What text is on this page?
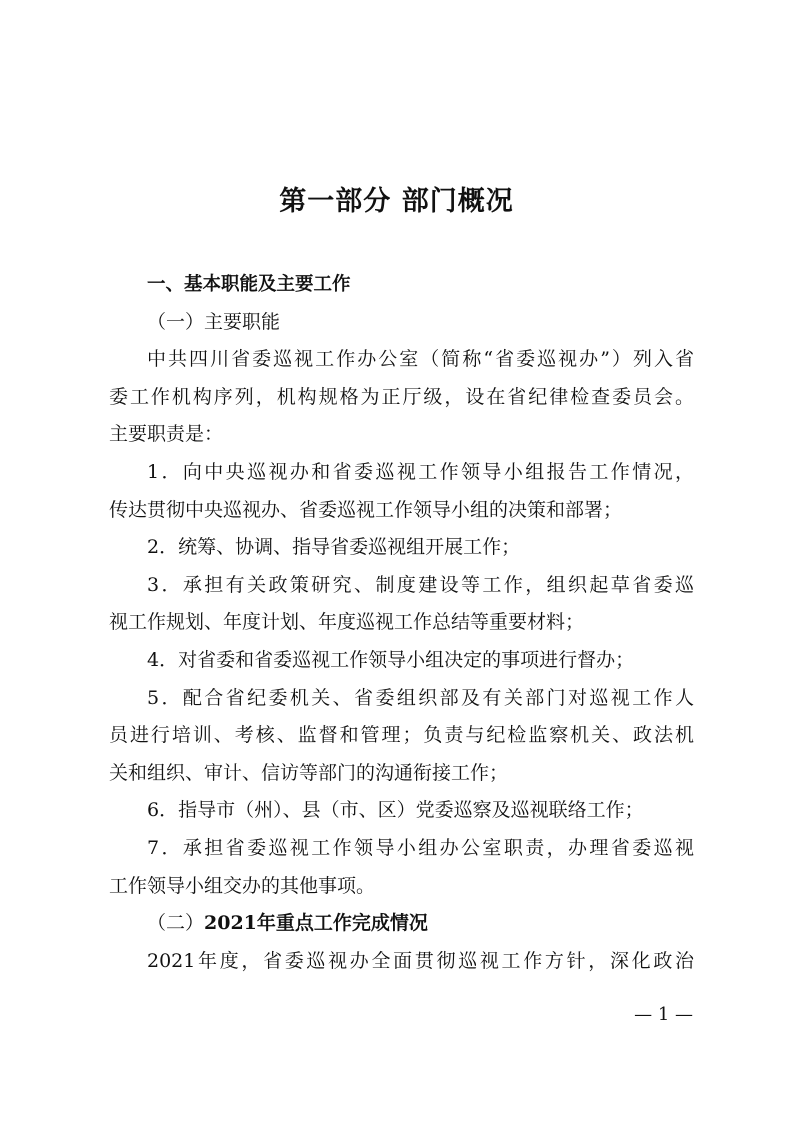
第一部分 部门概况
一、基本职能及主要工作
（一）主要职能
中共四川省委巡视工作办公室（简称“省委巡视办”）列入省
委工作机构序列，机构规格为正厅级，设在省纪律检查委员会。
主要职责是：
1．向中央巡视办和省委巡视工作领导小组报告工作情况，
传达贯彻中央巡视办、省委巡视工作领导小组的决策和部署；
2．统筹、协调、指导省委巡视组开展工作；
3．承担有关政策研究、制度建设等工作，组织起草省委巡
视工作规划、年度计划、年度巡视工作总结等重要材料；
4．对省委和省委巡视工作领导小组决定的事项进行督办；
5．配合省纪委机关、省委组织部及有关部门对巡视工作人
员进行培训、考核、监督和管理；负责与纪检监察机关、政法机
关和组织、审计、信访等部门的沟通衔接工作；
6．指导市（州）、县（市、区）党委巡察及巡视联络工作；
7．承担省委巡视工作领导小组办公室职责，办理省委巡视
工作领导小组交办的其他事项。
（二）2021年重点工作完成情况
2021年度，省委巡视办全面贯彻巡视工作方针，深化政治
— 1 —
